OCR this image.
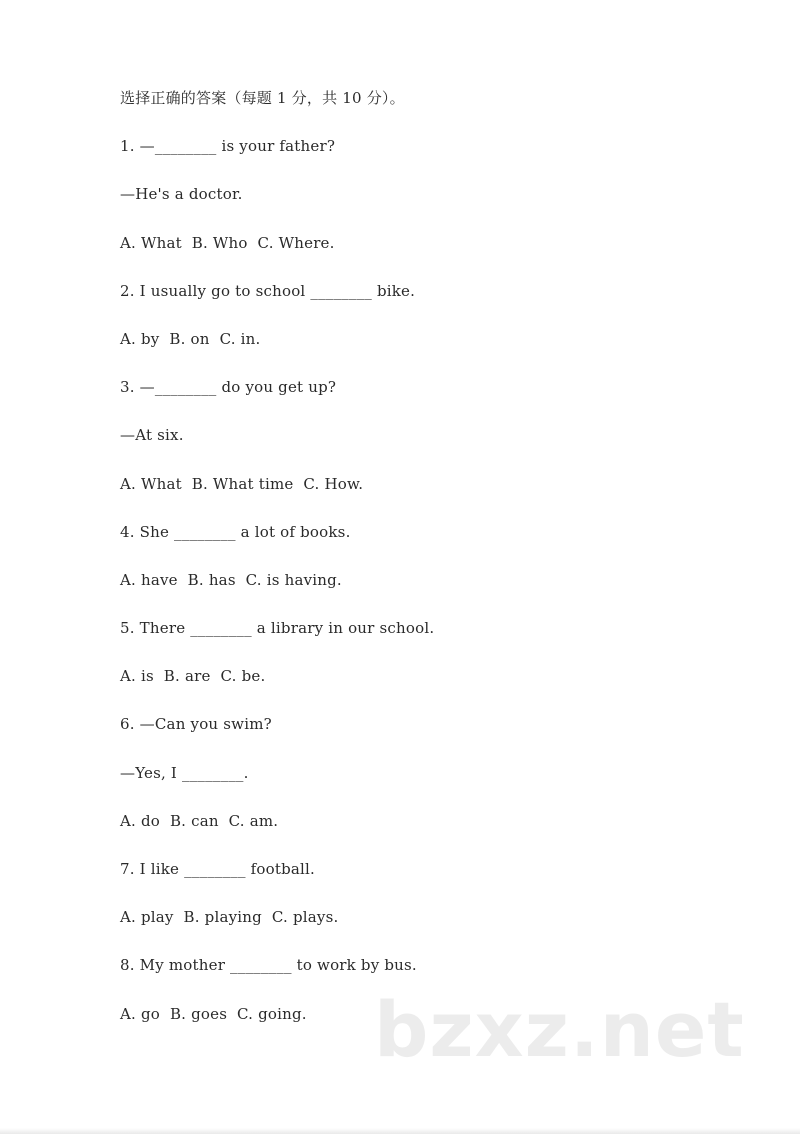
选择正确的答案（每题 1 分，共 10 分）。
1. —________ is your father?
—He's a doctor.
A. What  B. Who  C. Where.
2. I usually go to school ________ bike.
A. by  B. on  C. in.
3. —________ do you get up?
—At six.
A. What  B. What time  C. How.
4. She ________ a lot of books.
A. have  B. has  C. is having.
5. There ________ a library in our school.
A. is  B. are  C. be.
6. —Can you swim?
—Yes, I ________.
A. do  B. can  C. am.
7. I like ________ football.
A. play  B. playing  C. plays.
8. My mother ________ to work by bus.
A. go  B. goes  C. going. bzxz.net
